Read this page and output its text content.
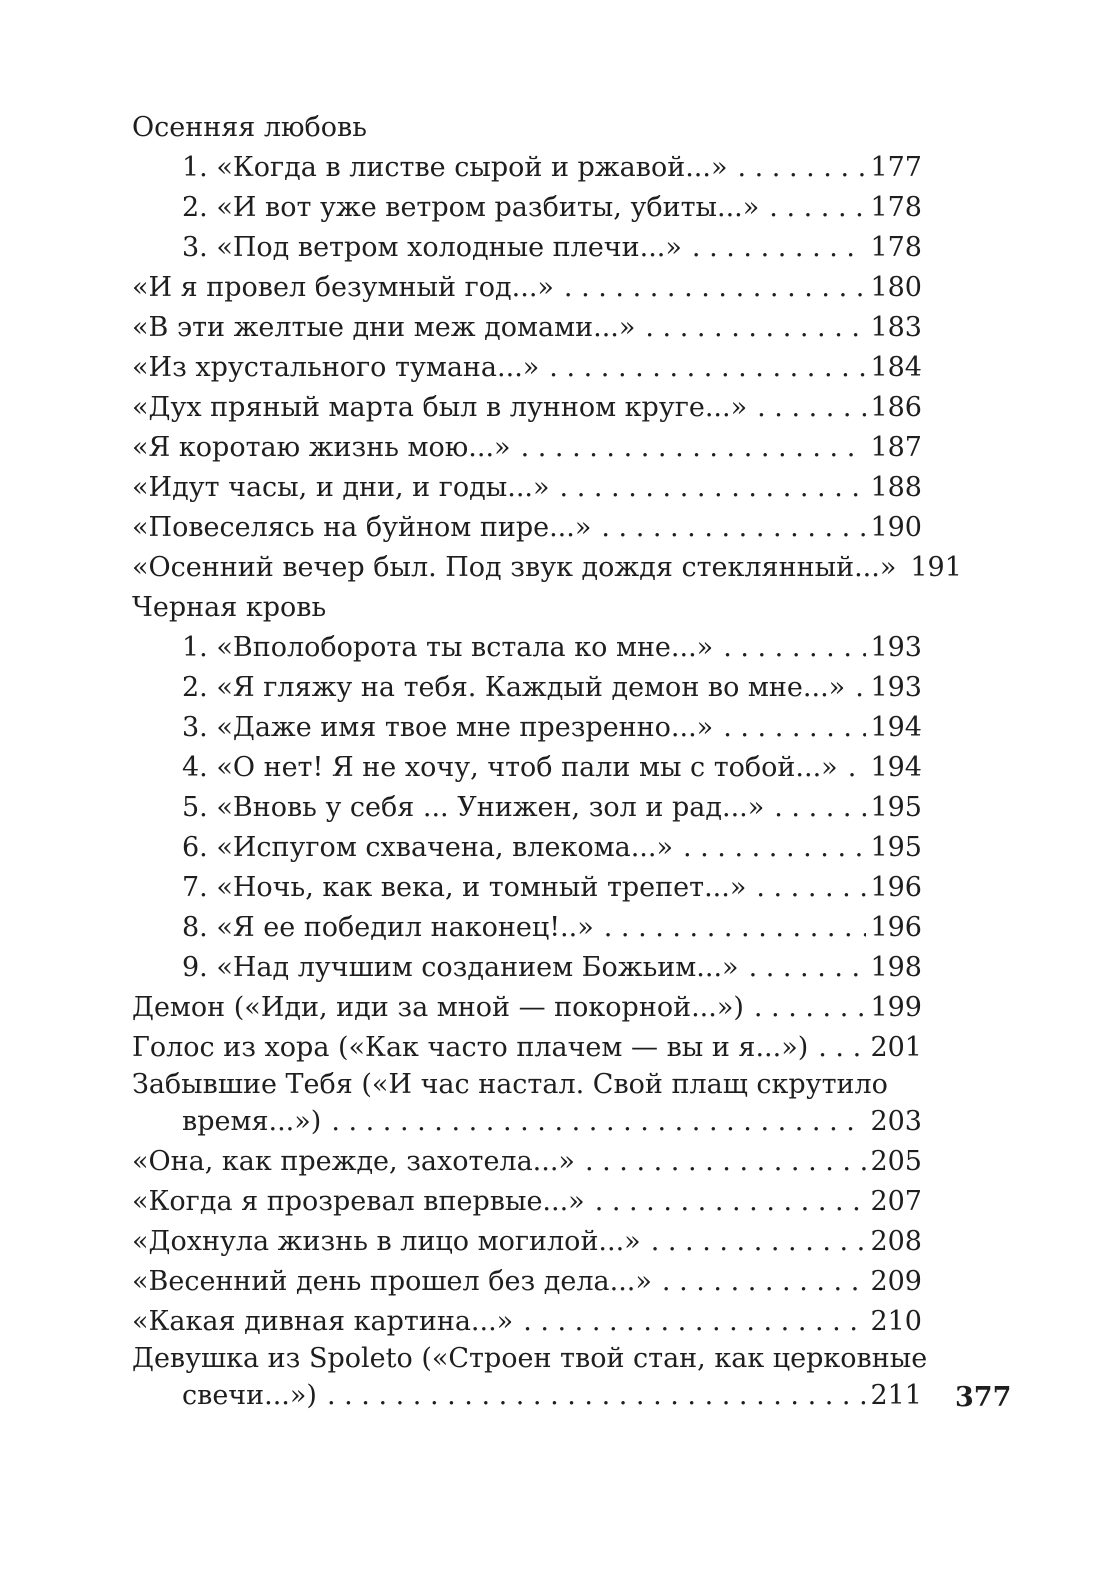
Осенняя любовь
1. «Когда в листве сырой и ржавой...» . . .	177
2. «И вот уже ветром разбиты, убиты...» . . .	178
3. «Под ветром холодные плечи...» . . .	178
«И я провел безумный год...» . . .	180
«В эти желтые дни меж домами...» . . .	183
«Из хрустального тумана...» . . .	184
«Дух пряный марта был в лунном круге...» . . .	186
«Я коротаю жизнь мою...» . . .	187
«Идут часы, и дни, и годы...» . . .	188
«Повеселясь на буйном пире...» . . .	190
«Осенний вечер был. Под звук дождя стеклянный...» 191
Черная кровь
1. «Вполоборота ты встала ко мне...» . . .	193
2. «Я гляжу на тебя. Каждый демон во мне...» . . . 193
3. «Даже имя твое мне презренно...» . . .	194
4. «О нет! Я не хочу, чтоб пали мы с тобой...» . . . 194
5. «Вновь у себя ... Унижен, зол и рад...» . . .	195
6. «Испугом схвачена, влекома...» . . .	195
7. «Ночь, как века, и томный трепет...» . . .	196
8. «Я ее победил наконец!..» . . .	196
9. «Над лучшим созданием Божьим...» . . .	198
Демон («Иди, иди за мной — покорной...») . . .	199
Голос из хора («Как часто плачем — вы и я...») . . . 201
Забывшие Тебя («И час настал. Свой плащ скрутило
время...») . . .	203
«Она, как прежде, захотела...» . . .	205
«Когда я прозревал впервые...» . . .	207
«Дохнула жизнь в лицо могилой...» . . .	208
«Весенний день прошел без дела...» . . .	209
«Какая дивная картина...» . . .	210
Девушка из Spoleto («Строен твой стан, как церковные
свечи...») . . .	211 377
